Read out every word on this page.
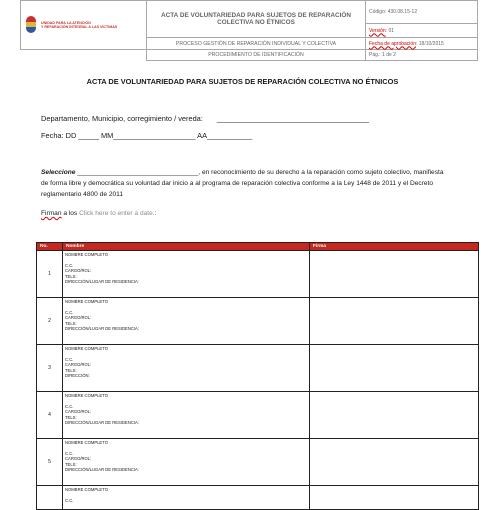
UNIDAD PARA LA ATENCIÓN
Y REPARACIÓN INTEGRAL A LAS VÍCTIMAS	ACTA DE VOLUNTARIEDAD PARA SUJETOS DE REPARACIÓN COLECTIVA NO ÉTNICOS	Código: 430.08.15-12
		Versión: 01
	PROCESO GESTIÓN DE REPARACIÓN INDIVIDUAL Y COLECTIVA	Fecha de aprobación: 18/10/2015
	PROCEDIMIENTO DE IDENTIFICACIÓN	Pág.: 1 de 2
ACTA DE VOLUNTARIEDAD PARA SUJETOS DE REPARACIÓN COLECTIVA NO ÉTNICOS
Departamento, Municipio, corregimiento / vereda: _____________________________________
Fecha: DD _____ MM____________________ AA___________
Seleccione _________________________________, en reconocimiento de su derecho a la reparación como sujeto colectivo, manifiesta de forma libre y democrática su voluntad dar inicio a al programa de reparación colectiva conforme a la Ley 1448 de 2011 y el Decreto reglamentario 4800 de 2011
Firman a los Click here to enter a date.:
No.	Nombre	Firma
1	NOMBRE COMPLETO
C.C.
CARGO/ROL:
TELS:
DIRECCIÓN/LUGAR DE RESIDENCIA:	

2	NOMBRE COMPLETO
C.C.
CARGO/ROL:
TELS:
DIRECCIÓN/LUGAR DE RESIDENCIA:	

3	NOMBRE COMPLETO
C.C.
CARGO/ROL:
TELS:
DIRECCIÓN:	

4	NOMBRE COMPLETO
C.C.
CARGO/ROL:
TELS:
DIRECCIÓN/LUGAR DE RESIDENCIA:	

5	NOMBRE COMPLETO
C.C.
CARGO/ROL:
TELS:
DIRECCIÓN/LUGAR DE RESIDENCIA:	

	NOMBRE COMPLETO
C.C.	
